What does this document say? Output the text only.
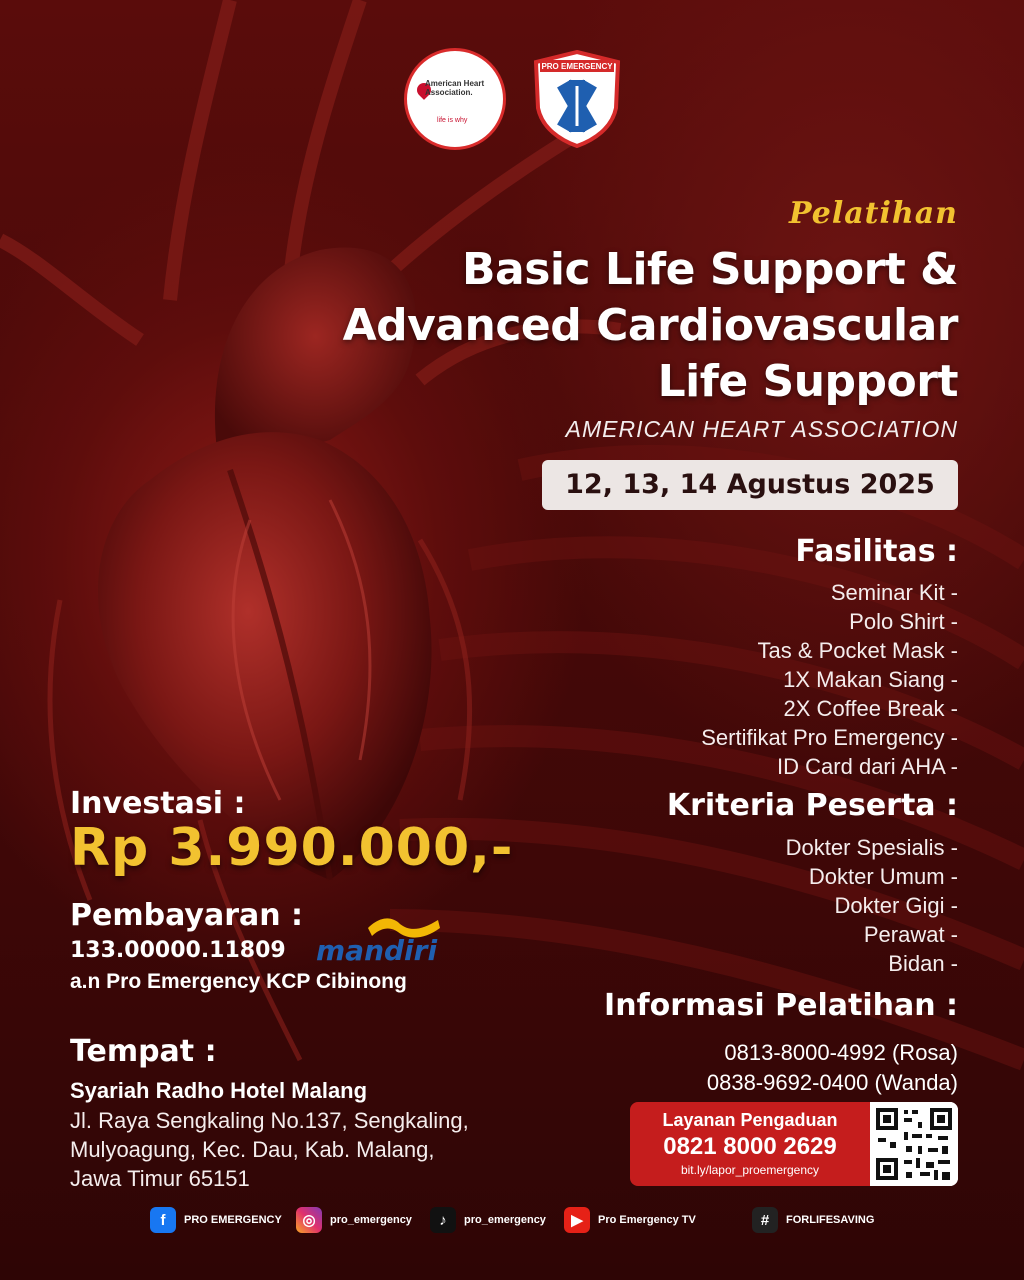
American Heart Association.
life is why
PRO EMERGENCY
Pelatihan
Basic Life Support &
Advanced Cardiovascular
Life Support
AMERICAN HEART ASSOCIATION
12, 13, 14 Agustus 2025
Fasilitas :
Seminar Kit -
Polo Shirt -
Tas & Pocket Mask -
1X Makan Siang -
2X Coffee Break -
Sertifikat Pro Emergency -
ID Card dari AHA -
Kriteria Peserta :
Dokter Spesialis -
Dokter Umum -
Dokter Gigi -
Perawat -
Bidan -
Informasi Pelatihan :
0813-8000-4992 (Rosa)
0838-9692-0400 (Wanda)
Layanan Pengaduan
0821 8000 2629
bit.ly/lapor_proemergency
Investasi :
Rp 3.990.000,-
Pembayaran :
133.00000.11809 mandiri
a.n Pro Emergency KCP Cibinong
Tempat :
Syariah Radho Hotel Malang
Jl. Raya Sengkaling No.137, Sengkaling,
Mulyoagung, Kec. Dau, Kab. Malang,
Jawa Timur 65151
f	PRO EMERGENCY	◎	pro_emergency	♪	pro_emergency	▶	Pro Emergency TV	#	FORLIFESAVING
